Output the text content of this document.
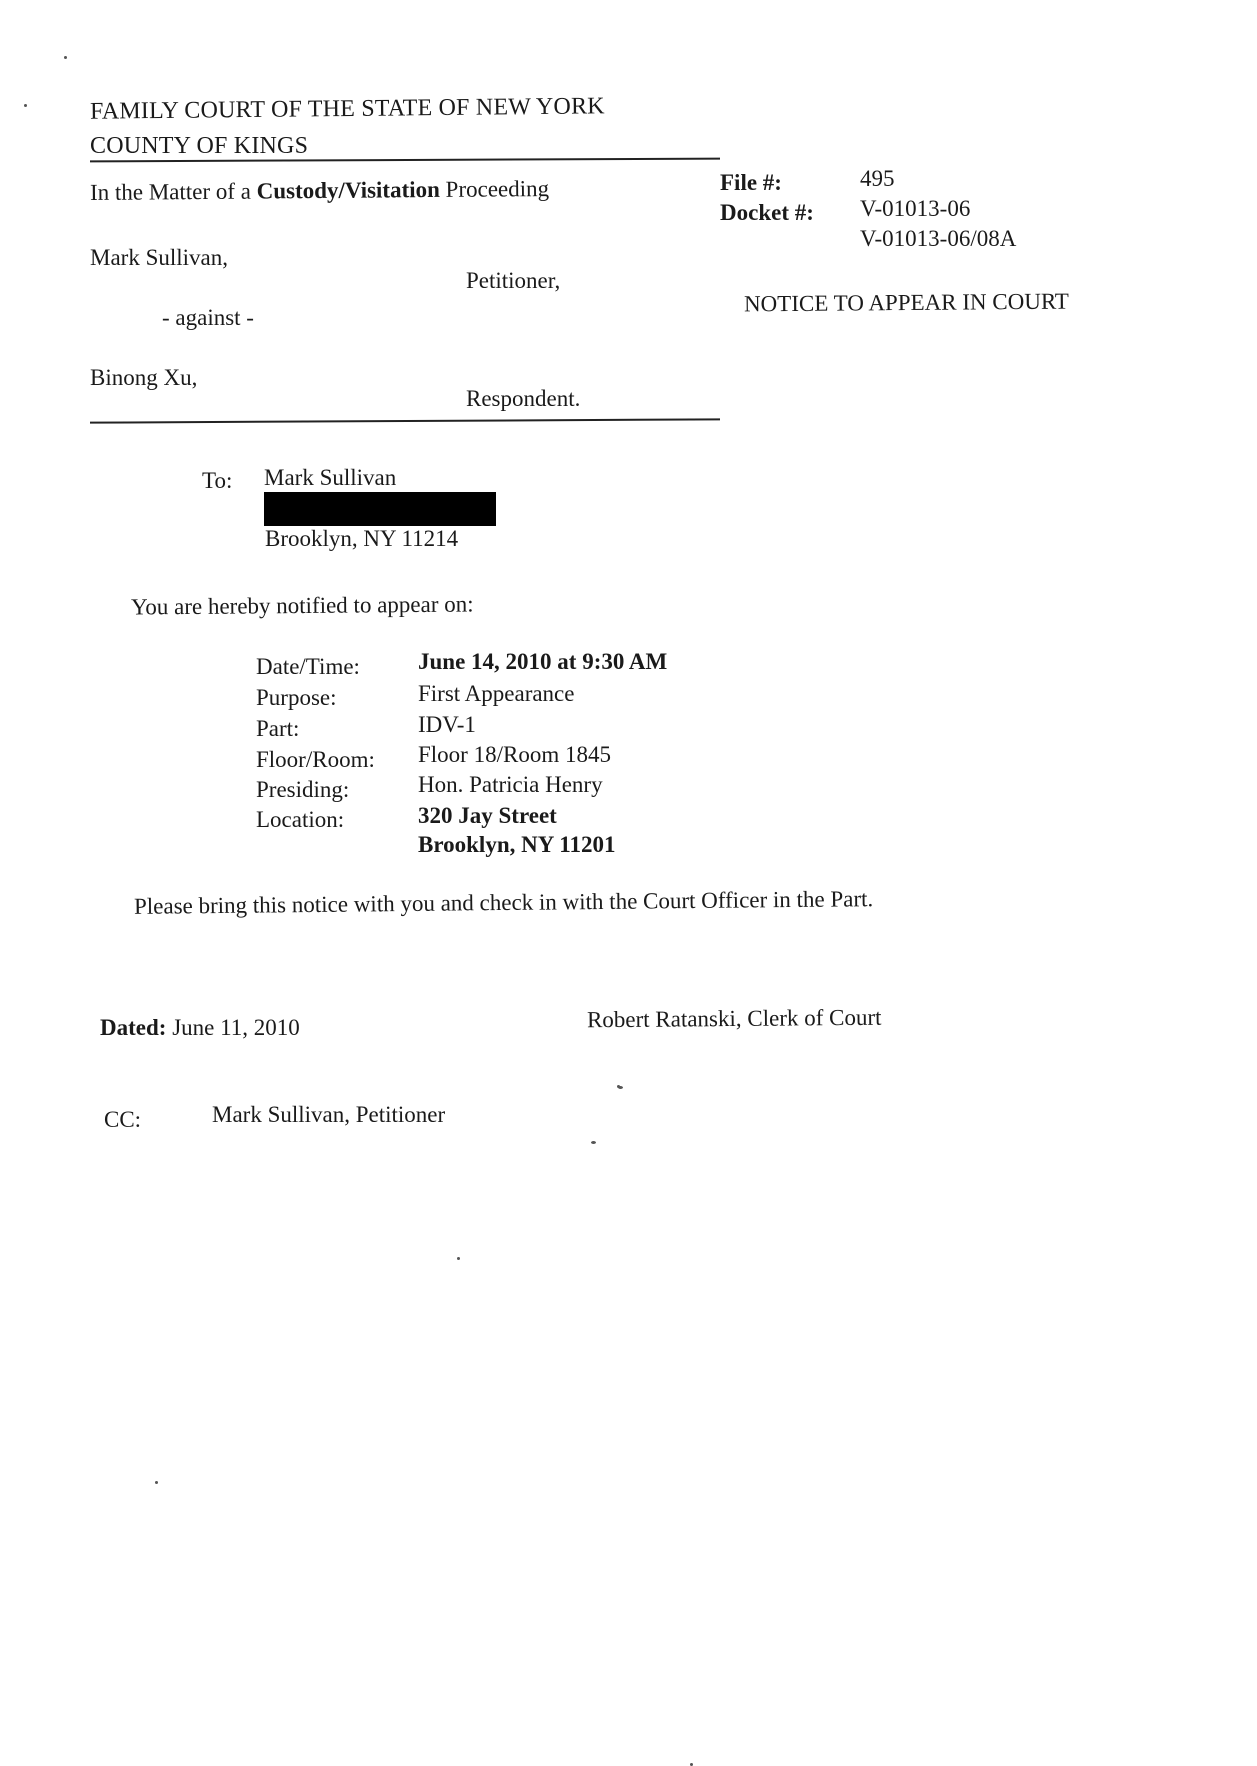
FAMILY COURT OF THE STATE OF NEW YORK
COUNTY OF KINGS
In the Matter of a Custody/Visitation Proceeding
Mark Sullivan,
Petitioner,
- against -
Binong Xu,
Respondent.
File #:	495
Docket #: V-01013-06
V-01013-06/08A
NOTICE TO APPEAR IN COURT
To: Mark Sullivan
Brooklyn, NY 11214
You are hereby notified to appear on:
Date/Time:	June 14, 2010 at 9:30 AM
Purpose:	First Appearance
Part:	IDV-1
Floor/Room: Floor 18/Room 1845
Presiding:	Hon. Patricia Henry
Location:	320 Jay Street
Brooklyn, NY 11201
Please bring this notice with you and check in with the Court Officer in the Part.
Dated: June 11, 2010	Robert Ratanski, Clerk of Court
CC:	Mark Sullivan, Petitioner
